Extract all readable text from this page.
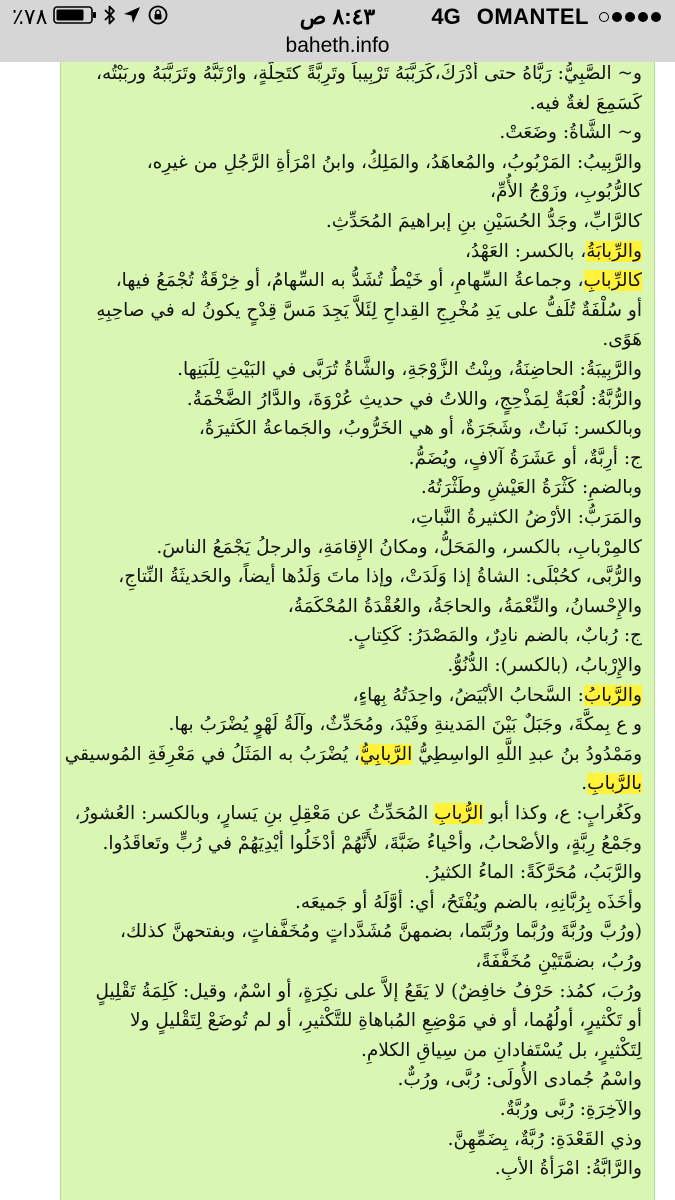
٨:٤٣ ص
٪٧٨	4G OMANTEL
baheth.info
و~ الصَّبِيُّ: رَبَّاهُ حتى أدْرَكَ،كَرَبَّبَهُ تَرْبِيباً وتَرِبَّةً كتَحِلَّةٍ، وارْتَبَّهُ وتَرَبَّبَهُ وربَبْتُه،
كَسَمِعَ لغةٌ فيه.
و~ الشَّاةُ: وضَعَتْ.
والرَّبِيبُ: المَرْبُوبُ، والمُعاهَدُ، والمَلِكُ، وابنُ امْرَأةِ الرَّجُلِ من غيرِه،
كالرُّبُوبِ، وزَوْجُ الأُمِّ،
كالرَّابِّ، وجَدُّ الحُسَيْنِ بنِ إبراهيمَ المُحَدِّثِ.
والرِّبابَةُ، بالكسر: العَهْدُ،
كالرِّبابِ، وجماعةُ السِّهامِ، أو خَيْطٌ تُشَدُّ به السِّهامُ، أو خِرْقَةٌ تُجْمَعُ فيها،
أو سُلْفَةٌ تُلَفُّ على يَدِ مُخْرِجِ القِداحِ لِئَلاَّ يَجِدَ مَسَّ قِدْحٍ يكونُ له في صاحِبِهِ
هَوًى.
والرَّبِيبَةُ: الحاضِنَةُ، وبِنْتُ الزَّوْجَةِ، والشَّاةُ تُرَبَّى في البَيْتِ لِلَبَنِها.
والرُّبَّةُ: لُعْبَةٌ لِمَذْحِجٍ، واللاتُ في حديثِ عُرْوَةَ، والدَّارُ الضَّخْمَةُ.
وبالكسر: نَباتٌ، وشَجَرَةٌ، أو هي الخَرُّوبُ، والجَماعةُ الكَثيرَةُ،
ج: أرِبَّةٌ، أو عَشَرَةُ آلافٍ، ويُضَمُّ.
وبالضمِ: كَثْرَةُ العَيْشِ وطَثْرَتُهُ.
والمَرَبُّ: الأرْضُ الكثيرةُ النَّباتِ،
كالمِرْبابِ، بالكسر، والمَحَلُّ، ومكانُ الإِقامَةِ، والرجلُ يَجْمَعُ الناسَ.
والرُّبَّى، كحُبْلَى: الشاةُ إذا وَلَدَتْ، وإذا ماتَ وَلَدُها أيضاً، والحَديثَةُ النِّتاجِ،
والإِحْسانُ، والنِّعْمَةُ، والحاجَةُ، والعُقْدَةُ المُحْكَمَةُ،
ج: رُبابٌ، بالضم نادِرٌ، والمَصْدَرُ: كَكِتابٍ.
والإِرْبابُ، (بالكسر): الدُّنُوُّ.
والرَّبابُ: السَّحابُ الأبْيَضُ، واحِدَتُهُ بِهاءٍ،
و ع بِمكَّةَ، وجَبَلٌ بَيْنَ المَدينةِ وفَيْدَ، ومُحَدِّثٌ، وآلَةُ لَهْوٍ يُضْرَبُ بها.
ومَمْدُودُ بنُ عبدِ اللَّهِ الواسِطِيُّ الرَّبابِيُّ، يُضْرَبُ به المَثَلُ في مَعْرِفَةِ المُوسيقي
بالرَّبابِ.
وكَغُرابٍ: ع، وكذا أبو الرُّبابِ المُحَدِّثُ عن مَعْقِلِ بنِ يَسارٍ، وبالكسر: العُشورُ،
وجَمْعُ رِبَّةٍ، والأصْحابُ، وأحْياءُ ضَبَّةَ، لأَنَّهُمْ أدْخَلُوا أيْدِيَهُمْ في رُبٍّ وتَعاقَدُوا.
والرَّبَبُ، مُحَرَّكَةً: الماءُ الكثيرُ.
وأخَذَه بِرُبَّانِهِ، بالضم ويُفْتَحُ، أي: أوَّلَهُ أو جَميعَه.
(ورُبَّ ورُبَّةَ ورُبَّما ورُبَّتَما، بضمهنَّ مُشَدَّداتٍ ومُخَفَّفاتٍ، وبفتحهنَّ كذلك،
ورُبُ، بضمَّتَيْنِ مُخَفَّفَةً،
ورُبَ، كمُذ: حَرْفُ خافِضٌ) لا يَقَعُ إلاَّ على نكِرَةٍ، أو اسْمٌ، وقيل: كَلِمَةُ تَقْلِيلٍ
أو تَكْثيرٍ، أولُهُما، أو في مَوْضِعِ المُباهاةِ للتَّكْثيرِ، أو لم تُوضَعْ لِتَقْليلٍ ولا
لِتَكْثيرٍ، بل يُسْتَفادانِ من سِياقِ الكلامِ.
واسْمُ جُمادى الأُولَى: رُبَّى، ورُبٌّ.
والآخِرَةِ: رُبَّى ورُبَّةٌ.
وذي القَعْدَةِ: رُبَّةٌ، بِضَمِّهِنَّ.
والرَّابَّةُ: امْرَأةُ الأبِ.
